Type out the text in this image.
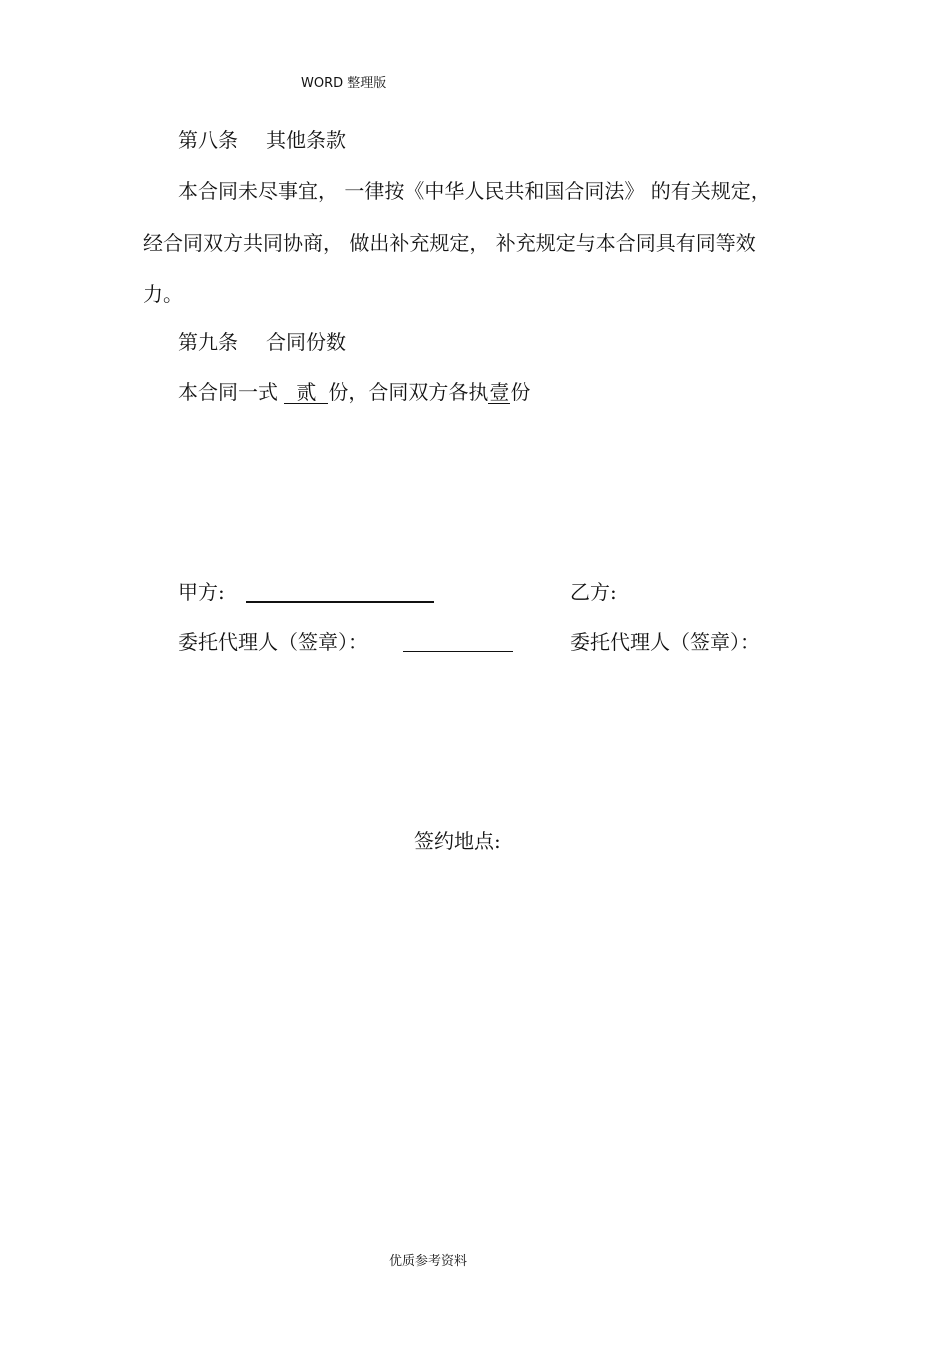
WORD 整理版
第八条 其他条款
本合同未尽事宜， 一律按《中华人民共和国合同法》 的有关规定，
经合同双方共同协商， 做出补充规定， 补充规定与本合同具有同等效
力。
第九条 合同份数
本合同一式 贰 份，合同双方各执壹份
甲方:	乙方:
委托代理人（签章）：	委托代理人（签章）：
签约地点:
优质参考资料
